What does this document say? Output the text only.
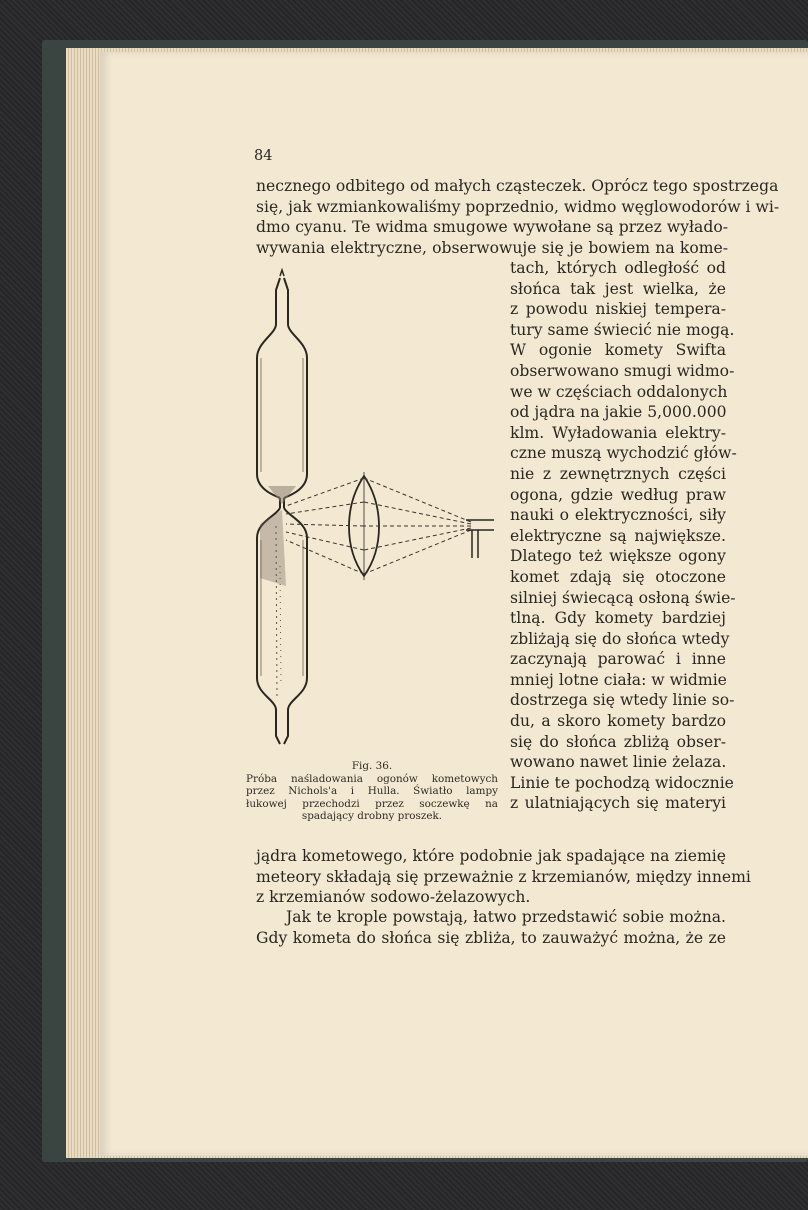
84
necznego odbitego od małych cząsteczek. Oprócz tego spostrzega
się, jak wzmiankowaliśmy poprzednio, widmo węglowodorów i wi-
dmo cyanu. Te widma smugowe wywołane są przez wyłado-
wywania elektryczne, obserwowuje się je bowiem na kome-
tach, których odległość od
słońca tak jest wielka, że
z powodu niskiej tempera-
tury same świecić nie mogą.
W ogonie komety Swifta
obserwowano smugi widmo-
we w częściach oddalonych
od jądra na jakie 5,000.000
klm. Wyładowania elektry-
czne muszą wychodzić głów-
nie z zewnętrznych części
ogona, gdzie według praw
nauki o elektryczności, siły
elektryczne są największe.
Dlatego też większe ogony
komet zdają się otoczone
silniej świecącą osłoną świe-
tlną. Gdy komety bardziej
zbliżają się do słońca wtedy
zaczynają parować i inne
mniej lotne ciała: w widmie
dostrzega się wtedy linie so-
du, a skoro komety bardzo
się do słońca zbliżą obser-
wowano nawet linie żelaza.
Linie te pochodzą widocznie
z ulatniających się materyi
jądra kometowego, które podobnie jak spadające na ziemię
meteory składają się przeważnie z krzemianów, między innemi
z krzemianów sodowo-żelazowych.
Jak te krople powstają, łatwo przedstawić sobie można.
Gdy kometa do słońca się zbliża, to zauważyć można, że ze
Fig. 36.
Próba naśladowania ogonów kometowych
przez Nichols'a i Hulla. Światło lampy
łukowej przechodzi przez soczewkę na
spadający drobny proszek.
